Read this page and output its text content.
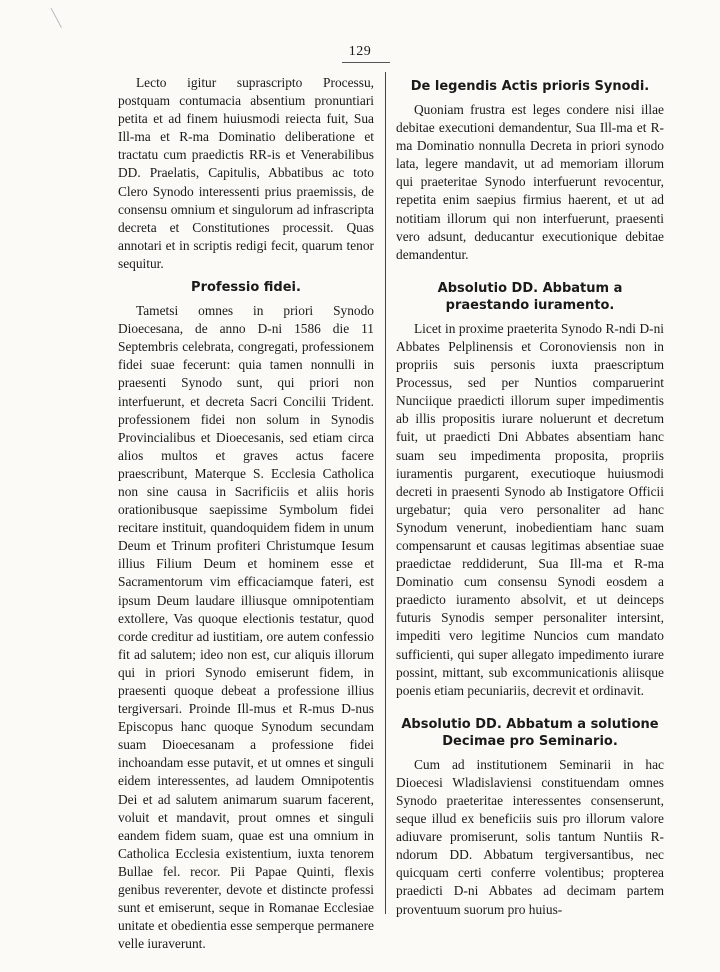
129

Lecto igitur suprascripto Processu, postquam contumacia absentium pronuntiari petita et ad finem huiusmodi reiecta fuit, Sua Ill-ma et R-ma Dominatio deliberatione et tractatu cum praedictis RR-is et Venerabilibus DD. Praelatis, Capitulis, Abbatibus ac toto Clero Synodo interessenti prius praemissis, de consensu omnium et singulorum ad infrascripta decreta et Constitutiones processit. Quas annotari et in scriptis redigi fecit, quarum tenor sequitur.

Professio fidei.

Tametsi omnes in priori Synodo Dioecesana, de anno D-ni 1586 die 11 Septembris celebrata, congregati, professionem fidei suae fecerunt: quia tamen nonnulli in praesenti Synodo sunt, qui priori non interfuerunt, et decreta Sacri Concilii Trident. professionem fidei non solum in Synodis Provincialibus et Dioecesanis, sed etiam circa alios multos et graves actus facere praescribunt, Materque S. Ecclesia Catholica non sine causa in Sacrificiis et aliis horis orationibusque saepissime Symbolum fidei recitare instituit, quandoquidem fidem in unum Deum et Trinum profiteri Christumque Iesum illius Filium Deum et hominem esse et Sacramentorum vim efficaciamque fateri, est ipsum Deum laudare illiusque omnipotentiam extollere, Vas quoque electionis testatur, quod corde creditur ad iustitiam, ore autem confessio fit ad salutem; ideo non est, cur aliquis illorum qui in priori Synodo emiserunt fidem, in praesenti quoque debeat a professione illius tergiversari. Proinde Ill-mus et R-mus D-nus Episcopus hanc quoque Synodum secundam suam Dioecesanam a professione fidei inchoandam esse putavit, et ut omnes et singuli eidem interessentes, ad laudem Omnipotentis Dei et ad salutem animarum suarum facerent, voluit et mandavit, prout omnes et singuli eandem fidem suam, quae est una omnium in Catholica Ecclesia existentium, iuxta tenorem Bullae fel. recor. Pii Papae Quinti, flexis genibus reverenter, devote et distincte professi sunt et emiserunt, seque in Romanae Ecclesiae unitate et obedientia esse semperque permanere velle iuraverunt.

De legendis Actis prioris Synodi.

Quoniam frustra est leges condere nisi illae debitae executioni demandentur, Sua Ill-ma et R-ma Dominatio nonnulla Decreta in priori synodo lata, legere mandavit, ut ad memoriam illorum qui praeteritae Synodo interfuerunt revocentur, repetita enim saepius firmius haerent, et ut ad notitiam illorum qui non interfuerunt, praesenti vero adsunt, deducantur executionique debitae demandentur.

Absolutio DD. Abbatum a praestando iuramento.

Licet in proxime praeterita Synodo R-ndi D-ni Abbates Pelplinensis et Coronoviensis non in propriis suis personis iuxta praescriptum Processus, sed per Nuntios comparuerint Nunciique praedicti illorum super impedimentis ab illis propositis iurare noluerunt et decretum fuit, ut praedicti Dni Abbates absentiam hanc suam seu impedimenta proposita, propriis iuramentis purgarent, executioque huiusmodi decreti in praesenti Synodo ab Instigatore Officii urgebatur; quia vero personaliter ad hanc Synodum venerunt, inobedientiam hanc suam compensarunt et causas legitimas absentiae suae praedictae reddiderunt, Sua Ill-ma et R-ma Dominatio cum consensu Synodi eosdem a praedicto iuramento absolvit, et ut deinceps futuris Synodis semper personaliter intersint, impediti vero legitime Nuncios cum mandato sufficienti, qui super allegato impedimento iurare possint, mittant, sub excommunicationis aliisque poenis etiam pecuniariis, decrevit et ordinavit.

Absolutio DD. Abbatum a solutione Decimae pro Seminario.

Cum ad institutionem Seminarii in hac Dioecesi Wladislaviensi constituendam omnes Synodo praeteritae interessentes consenserunt, seque illud ex beneficiis suis pro illorum valore adiuvare promiserunt, solis tantum Nuntiis R-ndorum DD. Abbatum tergiversantibus, nec quicquam certi conferre volentibus; propterea praedicti D-ni Abbates ad decimam partem proventuum suorum pro huius-
